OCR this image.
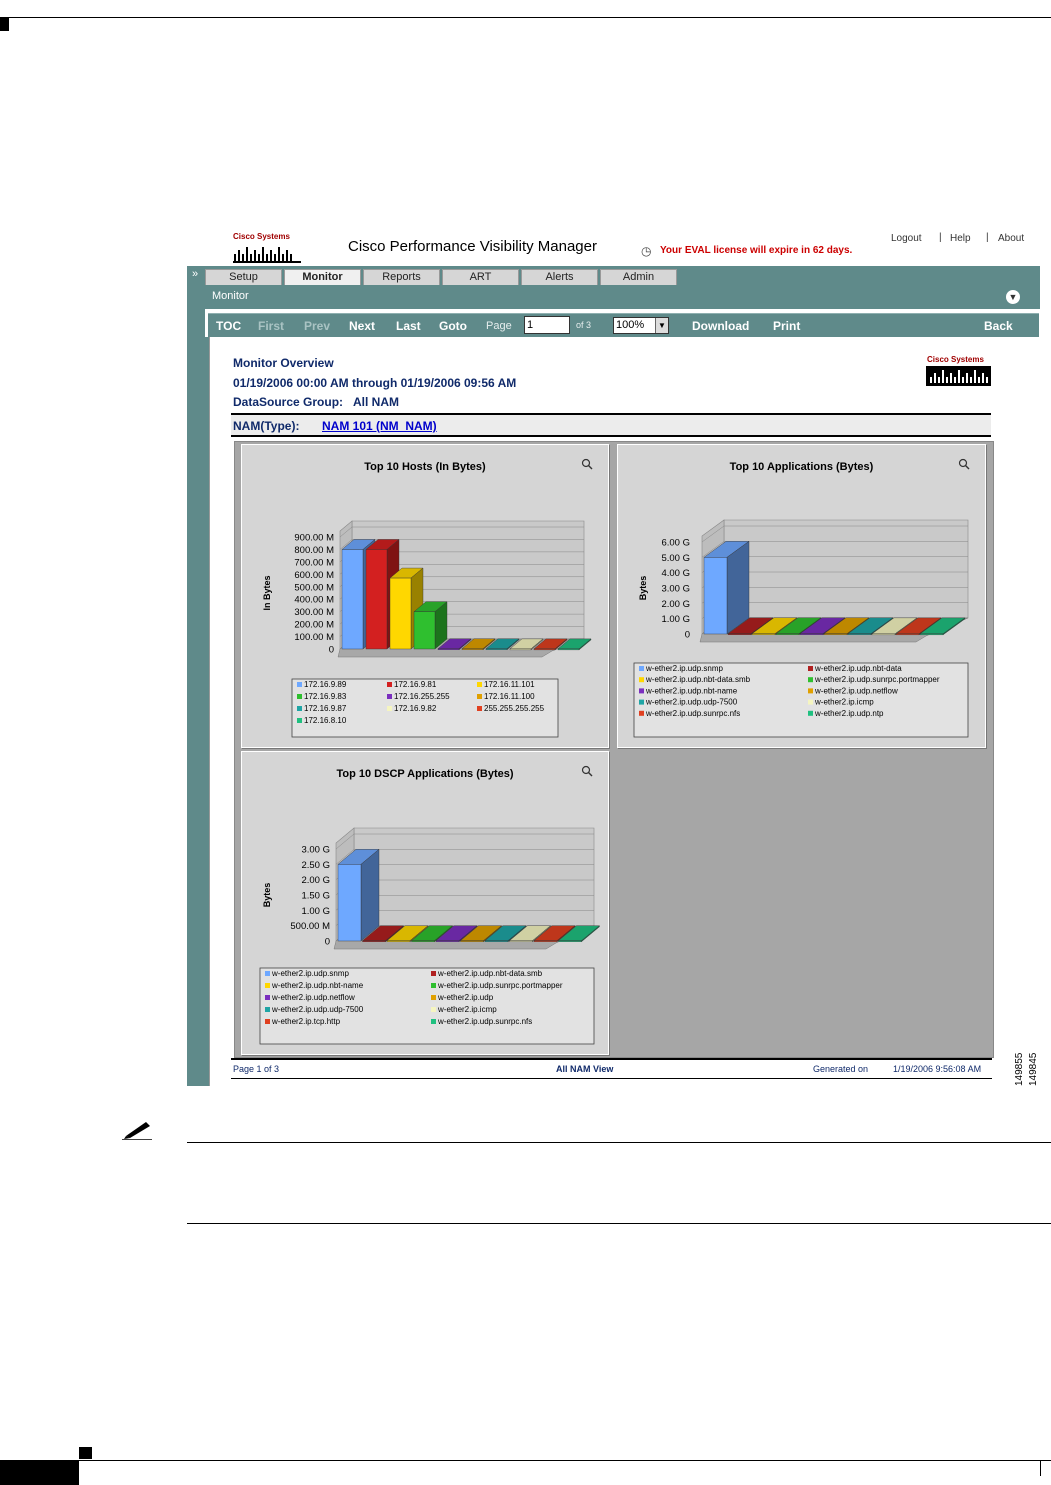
Cisco Systems
Cisco Performance Visibility Manager	◷ Your EVAL license will expire in 62 days.
Logout | Help | About
»	Setup	Monitor	Reports	ART	Alerts	Admin
Monitor	▼
TOC First Prev Next Last Goto Page
1	of 3 100%	▼ Download Print	Back
Monitor Overview
01/19/2006 00:00 AM through 01/19/2006 09:56 AM
DataSource Group: All NAM
Cisco Systems
NAM(Type): NAM 101 (NM_NAM)
Top 10 Hosts (In Bytes)
0
100.00 M
200.00 M
300.00 M
400.00 M
500.00 M
600.00 M
700.00 M
800.00 M
900.00 M
In Bytes
172.16.9.89	172.16.9.81	172.16.11.101
172.16.9.83	172.16.255.255	172.16.11.100
172.16.9.87	172.16.9.82	255.255.255.255
172.16.8.10
Top 10 Applications (Bytes)
0
1.00 G
2.00 G
3.00 G
4.00 G
5.00 G
6.00 G
Bytes
w-ether2.ip.udp.snmp	w-ether2.ip.udp.nbt-data
w-ether2.ip.udp.nbt-data.smb	w-ether2.ip.udp.sunrpc.portmapper
w-ether2.ip.udp.nbt-name	w-ether2.ip.udp.netflow
w-ether2.ip.udp.udp-7500	w-ether2.ip.icmp
w-ether2.ip.udp.sunrpc.nfs	w-ether2.ip.udp.ntp
Top 10 DSCP Applications (Bytes)
0
500.00 M
1.00 G
1.50 G
2.00 G
2.50 G
3.00 G
Bytes
w-ether2.ip.udp.snmp	w-ether2.ip.udp.nbt-data.smb
w-ether2.ip.udp.nbt-name	w-ether2.ip.udp.sunrpc.portmapper
w-ether2.ip.udp.netflow	w-ether2.ip.udp
w-ether2.ip.udp.udp-7500	w-ether2.ip.icmp
w-ether2.ip.tcp.http	w-ether2.ip.udp.sunrpc.nfs
Page 1 of 3	All NAM View	Generated on	1/19/2006 9:56:08 AM	149855 149845
